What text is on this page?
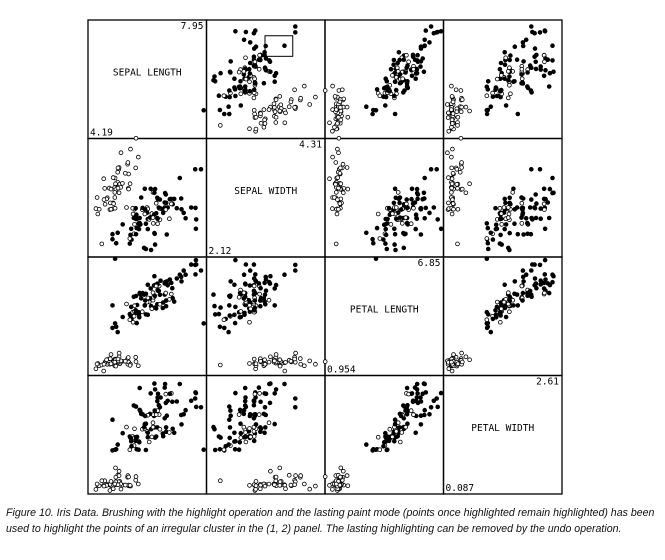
SEPAL LENGTH
7.95
4.19
SEPAL WIDTH
4.31
2.12
PETAL LENGTH
6.85
0.954
PETAL WIDTH
2.61
0.087
Figure 10. Iris Data. Brushing with the highlight operation and the lasting paint mode (points once highlighted remain highlighted) has been used to highlight the points of an irregular cluster in the (1, 2) panel. The lasting highlighting can be removed by the undo operation.
